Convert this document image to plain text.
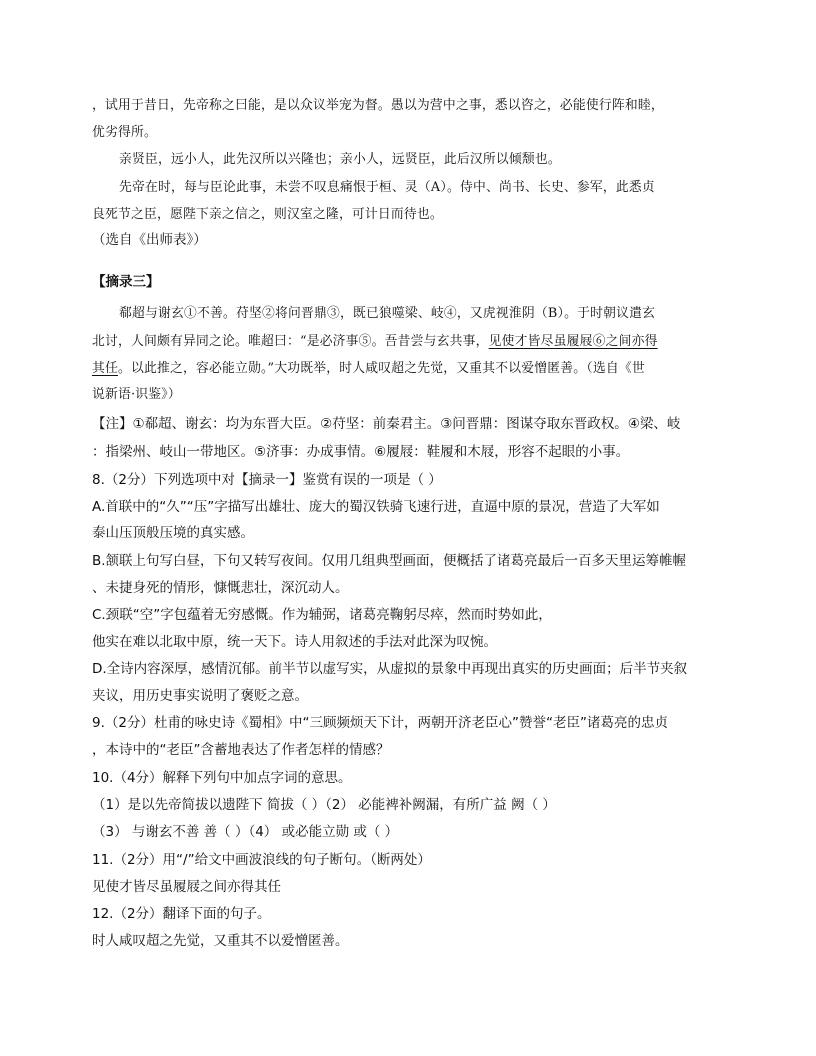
，试用于昔日，先帝称之曰能，是以众议举宠为督。愚以为营中之事，悉以咨之，必能使行阵和睦，
优劣得所。
亲贤臣，远小人，此先汉所以兴隆也；亲小人，远贤臣，此后汉所以倾颓也。
先帝在时，每与臣论此事，未尝不叹息痛恨于桓、灵（A）。侍中、尚书、长史、参军，此悉贞
良死节之臣，愿陛下亲之信之，则汉室之隆，可计日而待也。
（选自《出师表》）
【摘录三】
郗超与谢玄①不善。苻坚②将问晋鼎③，既已狼噬梁、岐④，又虎视淮阴（B）。于时朝议遣玄
北讨，人间颇有异同之论。唯超曰：“是必济事⑤。吾昔尝与玄共事，见使才皆尽虽履屐⑥之间亦得
其任。以此推之，容必能立勋。”大功既举，时人咸叹超之先觉，又重其不以爱憎匿善。（选自《世
说新语·识鉴》）
【注】①郗超、谢玄：均为东晋大臣。②苻坚：前秦君主。③问晋鼎：图谋夺取东晋政权。④梁、岐
：指梁州、岐山一带地区。⑤济事：办成事情。⑥履屐：鞋履和木屐，形容不起眼的小事。
8.（2分）下列选项中对【摘录一】鉴赏有误的一项是（ ）
A.首联中的“久”“压”字描写出雄壮、庞大的蜀汉铁骑飞速行进，直逼中原的景况，营造了大军如
泰山压顶般压境的真实感。
B.颔联上句写白昼，下句又转写夜间。仅用几组典型画面，便概括了诸葛亮最后一百多天里运筹帷幄
、未捷身死的情形，慷慨悲壮，深沉动人。
C.颈联“空”字包蕴着无穷感慨。作为辅弼，诸葛亮鞠躬尽瘁，然而时势如此，
他实在难以北取中原，统一天下。诗人用叙述的手法对此深为叹惋。
D.全诗内容深厚，感情沉郁。前半节以虚写实，从虚拟的景象中再现出真实的历史画面；后半节夹叙
夹议，用历史事实说明了褒贬之意。
9.（2分）杜甫的咏史诗《蜀相》中“三顾频烦天下计，两朝开济老臣心”赞誉“老臣”诸葛亮的忠贞
，本诗中的“老臣”含蓄地表达了作者怎样的情感？
10.（4分）解释下列句中加点字词的意思。
（1）是以先帝简拔以遗陛下 简拔（ ）（2） 必能裨补阙漏，有所广益 阙（ ）
（3） 与谢玄不善 善（ ）（4） 或必能立勋 或（ ）
11.（2分）用“/”给文中画波浪线的句子断句。（断两处）
见使才皆尽虽履屐之间亦得其任
12.（2分）翻译下面的句子。
时人咸叹超之先觉，又重其不以爱憎匿善。
